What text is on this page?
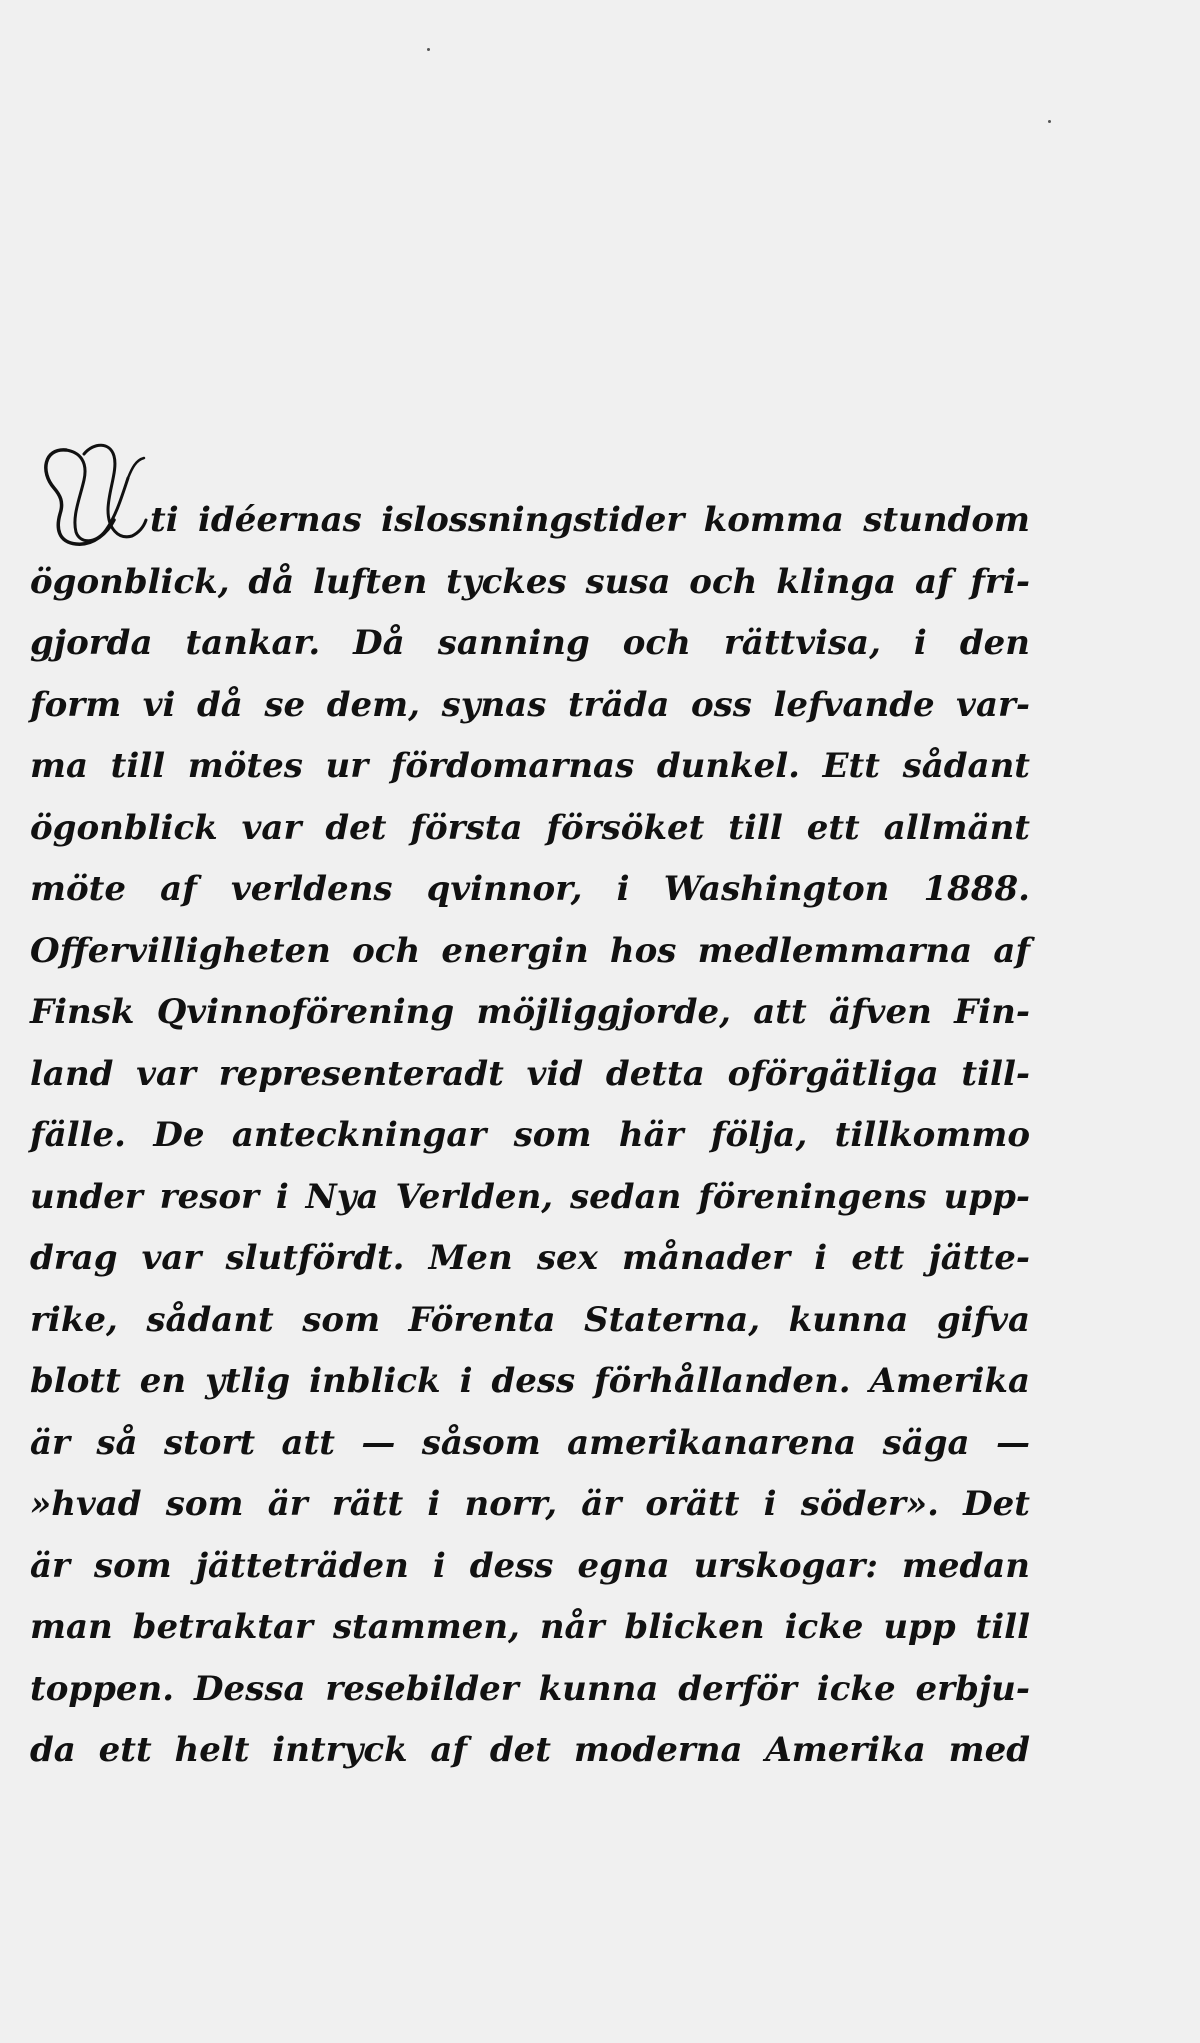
ti idéernas islossningstider komma stundom
ögonblick, då luften tyckes susa och klinga af fri-
gjorda tankar. Då sanning och rättvisa, i den
form vi då se dem, synas träda oss lefvande var-
ma till mötes ur fördomarnas dunkel. Ett sådant
ögonblick var det första försöket till ett allmänt
möte af verldens qvinnor, i Washington 1888.
Offervilligheten och energin hos medlemmarna af
Finsk Qvinnoförening möjliggjorde, att äfven Fin-
land var representeradt vid detta oförgätliga till-
fälle. De anteckningar som här följa, tillkommo
under resor i Nya Verlden, sedan föreningens upp-
drag var slutfördt. Men sex månader i ett jätte-
rike, sådant som Förenta Staterna, kunna gifva
blott en ytlig inblick i dess förhållanden. Amerika
är så stort att — såsom amerikanarena säga —
»hvad som är rätt i norr, är orätt i söder». Det
är som jätteträden i dess egna urskogar: medan
man betraktar stammen, når blicken icke upp till
toppen. Dessa resebilder kunna derför icke erbju-
da ett helt intryck af det moderna Amerika med
